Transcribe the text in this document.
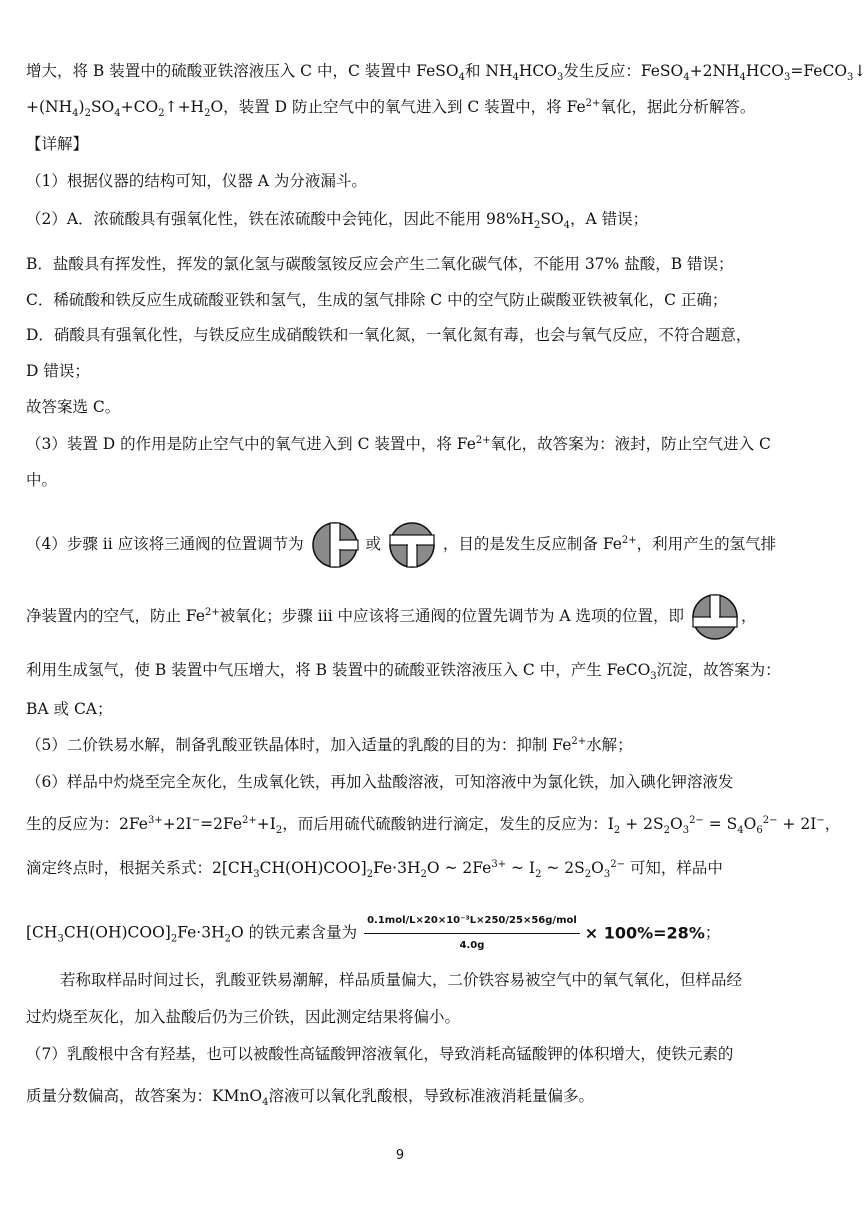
增大，将 B 装置中的硫酸亚铁溶液压入 C 中，C 装置中 FeSO$_4$和 $NH_4HCO_3$发生反应：$FeSO_4+2NH_4HCO_3=FeCO_3↓$
$+(NH_4)_2SO_4+CO_2↑+H_2O$，装置 D 防止空气中的氧气进入到 C 装置中，将 $Fe^{2+}$氧化，据此分析解答。
【详解】
（1）根据仪器的结构可知，仪器 A 为分液漏斗。
（2）A．浓硫酸具有强氧化性，铁在浓硫酸中会钝化，因此不能用 $98\%H_2SO_4$，A 错误；
B．盐酸具有挥发性，挥发的氯化氢与碳酸氢铵反应会产生二氧化碳气体，不能用 37% 盐酸，B 错误；
C．稀硫酸和铁反应生成硫酸亚铁和氢气，生成的氢气排除 C 中的空气防止碳酸亚铁被氧化，C 正确；
D．硝酸具有强氧化性，与铁反应生成硝酸铁和一氧化氮，一氧化氮有毒，也会与氧气反应，不符合题意，
D 错误；
故答案选 C。
（3）装置 D 的作用是防止空气中的氧气进入到 C 装置中，将 $Fe^{2+}$氧化，故答案为：液封，防止空气进入 C
中。
（4）步骤 ⅱ 应该将三通阀的位置调节为	或	，目的是发生反应制备 $Fe^{2+}$，利用产生的氢气排
净装置内的空气，防止 $Fe^{2+}$被氧化；步骤 ⅲ 中应该将三通阀的位置先调节为 A 选项的位置，即	，
利用生成氢气，使 B 装置中气压增大，将 B 装置中的硫酸亚铁溶液压入 C 中，产生 FeCO$_3$沉淀，故答案为：
BA 或 CA；
（5）二价铁易水解，制备乳酸亚铁晶体时，加入适量的乳酸的目的为：抑制 $Fe^{2+}$水解；
（6）样品中灼烧至完全灰化，生成氧化铁，再加入盐酸溶液，可知溶液中为氯化铁，加入碘化钾溶液发
生的反应为：$2Fe^{3+}+2I^-=2Fe^{2+}+I_2$，而后用硫代硫酸钠进行滴定，发生的反应为：$I_2 + 2S_2O_3^{2-} = S_4O_6^{2-} + 2I^-$，
滴定终点时，根据关系式：$2[CH_3CH(OH)COO]_2Fe\cdot 3H_2O$ ~ $2Fe^{3+}$ ~ $I_2$ ~ $2S_2O_3^{2-}$ 可知，样品中
$[CH_3CH(OH)COO]_2Fe\cdot 3H_2O$ 的铁元素含量为 $\frac{\text{0.1mol/L×20×10⁻³L×250/25×56g/mol}}{4.0g} \times 100\%=28\%$；
若称取样品时间过长，乳酸亚铁易潮解，样品质量偏大，二价铁容易被空气中的氧气氧化，但样品经
过灼烧至灰化，加入盐酸后仍为三价铁，因此测定结果将偏小。
（7）乳酸根中含有羟基，也可以被酸性高锰酸钾溶液氧化，导致消耗高锰酸钾的体积增大，使铁元素的
质量分数偏高，故答案为：KMnO$_4$溶液可以氧化乳酸根，导致标准液消耗量偏多。
9
